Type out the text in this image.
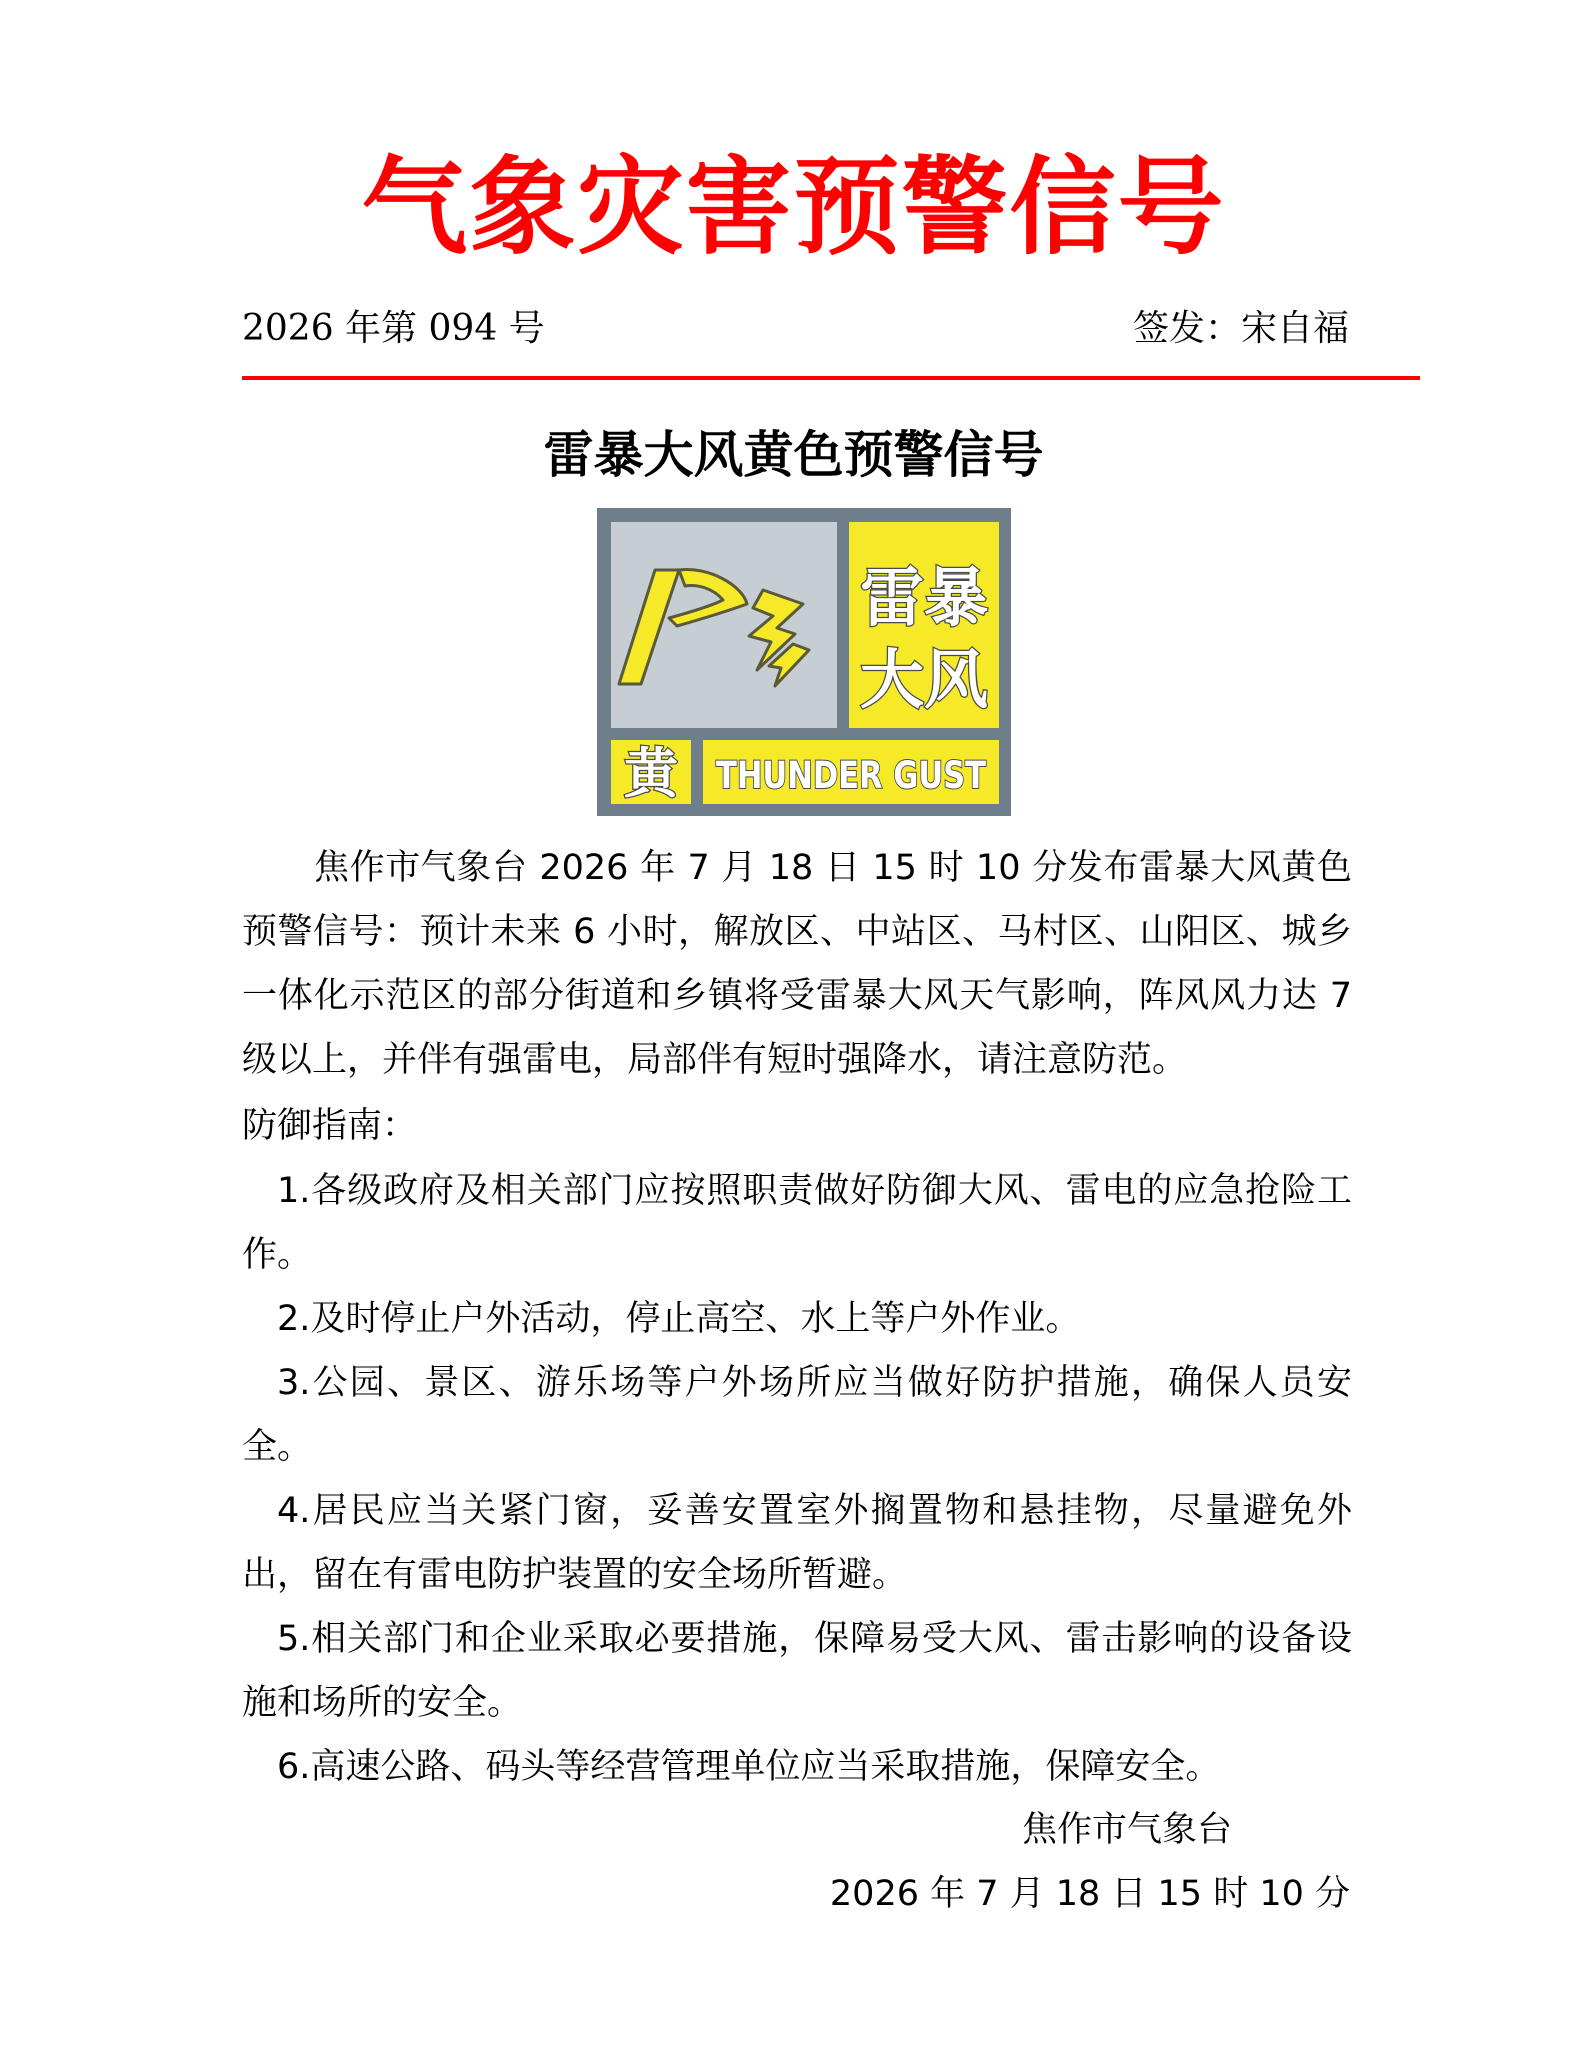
气象灾害预警信号
2026 年第 094 号	签发：宋自福
雷暴大风黄色预警信号
雷暴
大风
黄 THUNDER GUST

焦作市气象台 2026 年 7 月 18 日 15 时 10 分发布雷暴大风黄色预警信号：预计未来 6 小时，解放区、中站区、马村区、山阳区、城乡一体化示范区的部分街道和乡镇将受雷暴大风天气影响，阵风风力达 7 级以上，并伴有强雷电，局部伴有短时强降水，请注意防范。

防御指南：
1.各级政府及相关部门应按照职责做好防御大风、雷电的应急抢险工作。
2.及时停止户外活动，停止高空、水上等户外作业。
3.公园、景区、游乐场等户外场所应当做好防护措施，确保人员安全。
4.居民应当关紧门窗，妥善安置室外搁置物和悬挂物，尽量避免外出，留在有雷电防护装置的安全场所暂避。
5.相关部门和企业采取必要措施，保障易受大风、雷击影响的设备设施和场所的安全。
6.高速公路、码头等经营管理单位应当采取措施，保障安全。
焦作市气象台
2026 年 7 月 18 日 15 时 10 分
